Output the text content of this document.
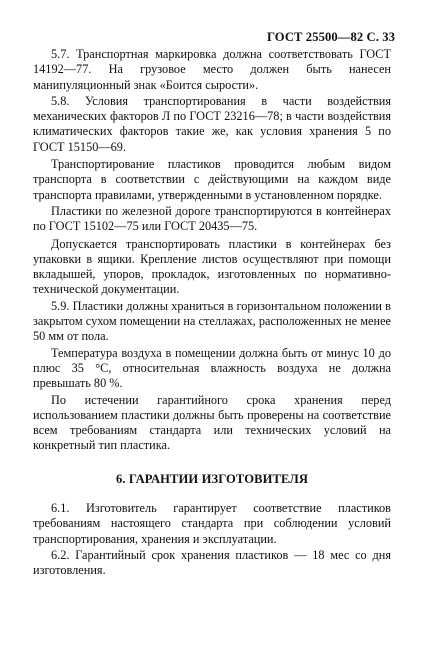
ГОСТ 25500—82 С. 33

5.7. Транспортная маркировка должна соответствовать ГОСТ 14192—77. На грузовое место должен быть нанесен манипуляционный знак «Боится сырости».

5.8. Условия транспортирования в части воздействия механических факторов Л по ГОСТ 23216—78; в части воздействия климатических факторов такие же, как условия хранения 5 по ГОСТ 15150—69.

Транспортирование пластиков проводится любым видом транспорта в соответствии с действующими на каждом виде транспорта правилами, утвержденными в установленном порядке.

Пластики по железной дороге транспортируются в контейнерах по ГОСТ 15102—75 или ГОСТ 20435—75.

Допускается транспортировать пластики в контейнерах без упаковки в ящики. Крепление листов осуществляют при помощи вкладышей, упоров, прокладок, изготовленных по нормативно-технической документации.

5.9. Пластики должны храниться в горизонтальном положении в закрытом сухом помещении на стеллажах, расположенных не менее 50 мм от пола.

Температура воздуха в помещении должна быть от минус 10 до плюс 35 °С, относительная влажность воздуха не должна превышать 80 %.

По истечении гарантийного срока хранения перед использованием пластики должны быть проверены на соответствие всем требованиям стандарта или технических условий на конкретный тип пластика.

6. ГАРАНТИИ ИЗГОТОВИТЕЛЯ

6.1. Изготовитель гарантирует соответствие пластиков требованиям настоящего стандарта при соблюдении условий транспортирования, хранения и эксплуатации.

6.2. Гарантийный срок хранения пластиков — 18 мес со дня изготовления.
